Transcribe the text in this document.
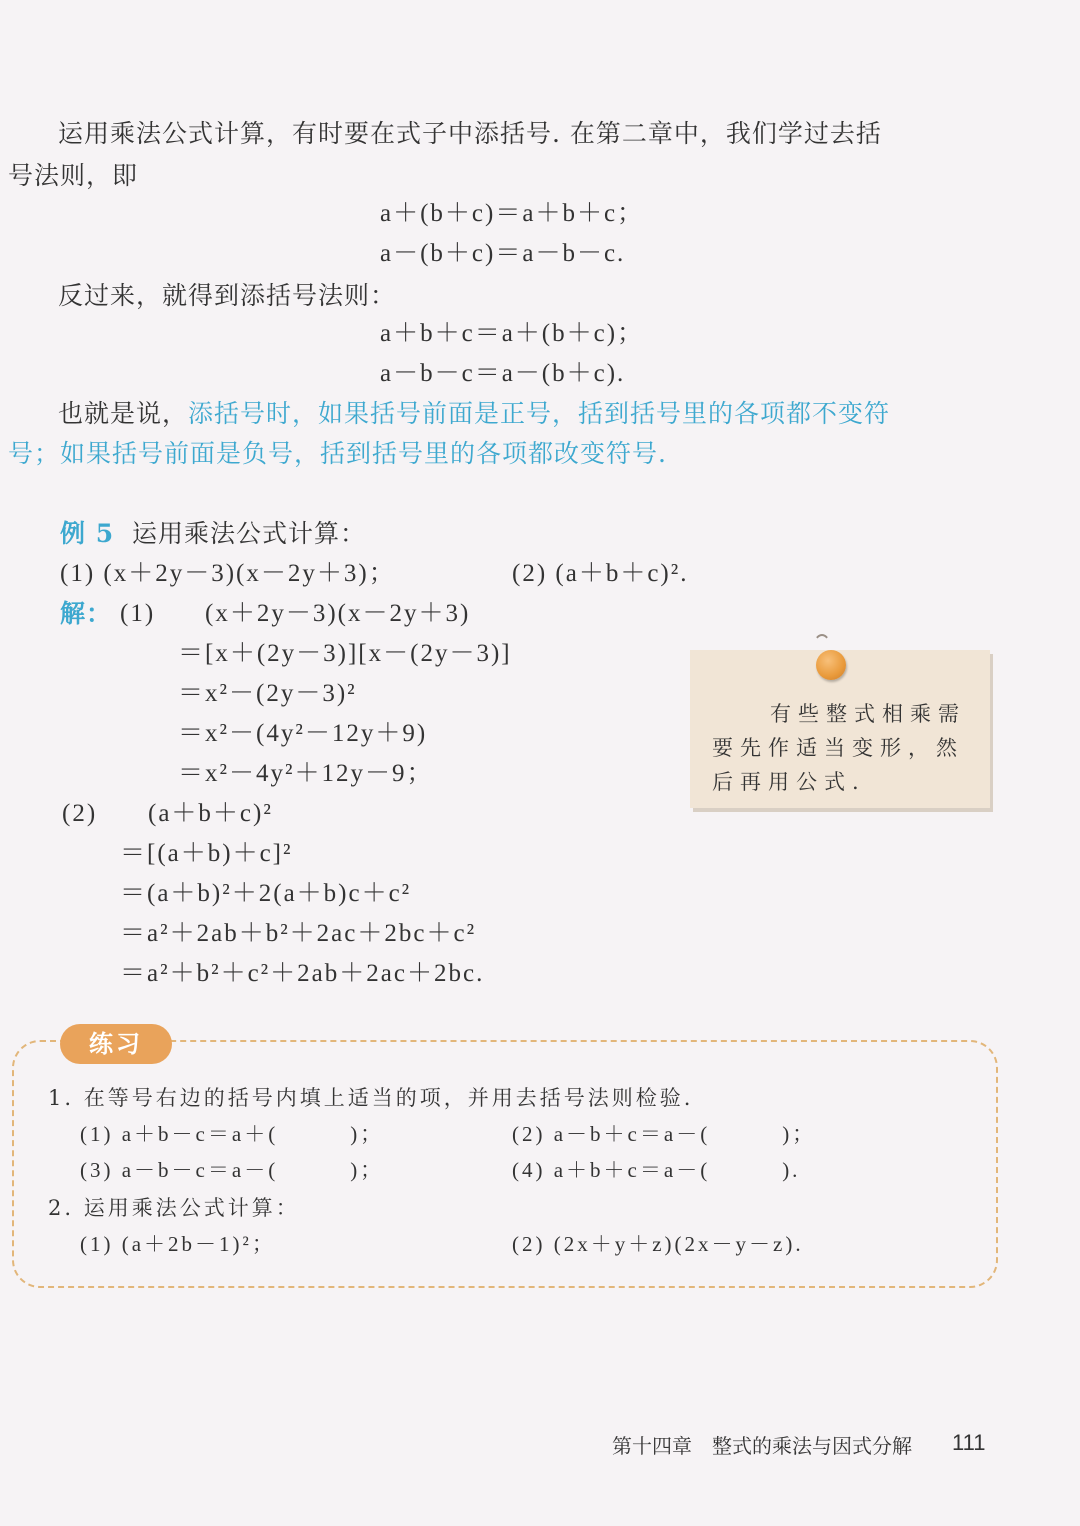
运用乘法公式计算，有时要在式子中添括号. 在第二章中，我们学过去括
号法则，即
a＋(b＋c)＝a＋b＋c；
a－(b＋c)＝a－b－c.
反过来，就得到添括号法则：
a＋b＋c＝a＋(b＋c)；
a－b－c＝a－(b＋c).
也就是说，添括号时，如果括号前面是正号，括到括号里的各项都不变符
号；如果括号前面是负号，括到括号里的各项都改变符号.
例 5 运用乘法公式计算：
(1) (x＋2y－3)(x－2y＋3)；	(2) (a＋b＋c)².
解： (1) (x＋2y－3)(x－2y＋3)
＝[x＋(2y－3)][x－(2y－3)]
＝x²－(2y－3)²
＝x²－(4y²－12y＋9)
＝x²－4y²＋12y－9；
(2) (a＋b＋c)²
＝[(a＋b)＋c]²
＝(a＋b)²＋2(a＋b)c＋c²
＝a²＋2ab＋b²＋2ac＋2bc＋c²
＝a²＋b²＋c²＋2ab＋2ac＋2bc.
有些整式相乘需
要先作适当变形，然
后再用公式.
练习
1. 在等号右边的括号内填上适当的项，并用去括号法则检验.
(1) a＋b－c＝a＋(　　　)；	(2) a－b＋c＝a－(　　　)；
(3) a－b－c＝a－(　　　)；	(4) a＋b＋c＝a－(　　　).
2. 运用乘法公式计算：
(1) (a＋2b－1)²；	(2) (2x＋y＋z)(2x－y－z).
第十四章　整式的乘法与因式分解 111
